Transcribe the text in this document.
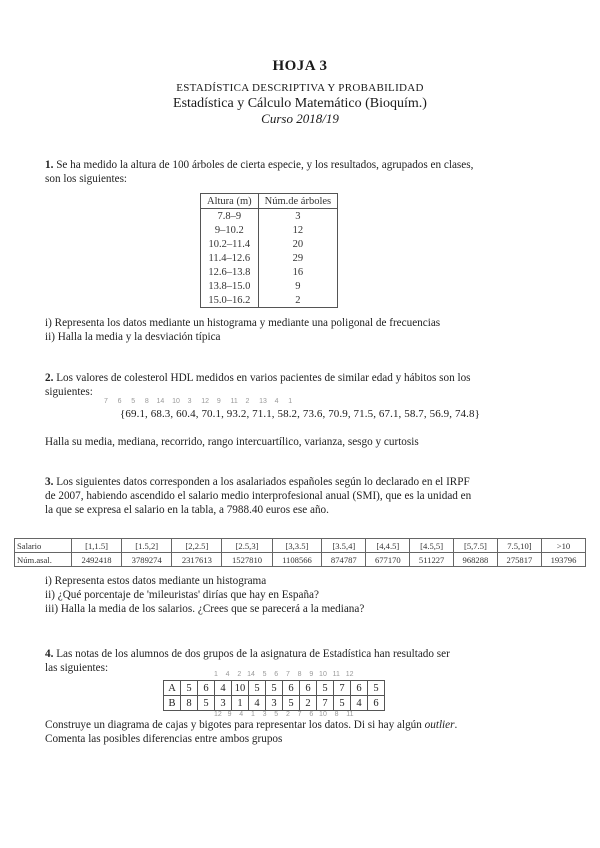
HOJA 3
ESTADÍSTICA DESCRIPTIVA Y PROBABILIDAD
Estadística y Cálculo Matemático (Bioquím.)
Curso 2018/19
1. Se ha medido la altura de 100 árboles de cierta especie, y los resultados, agrupados en clases,
son los siguientes:
Altura (m)	Núm.de árboles
7.8–9	3
9–10.2	12
10.2–11.4	20
11.4–12.6	29
12.6–13.8	16
13.8–15.0	9
15.0–16.2	2
i) Representa los datos mediante un histograma y mediante una poligonal de frecuencias
ii) Halla la media y la desviación típica
2. Los valores de colesterol HDL medidos en varios pacientes de similar edad y hábitos son los
siguientes:
7     6     5     8    14    10    3     12    9     11    2     13    4     1
{69.1, 68.3, 60.4, 70.1, 93.2, 71.1, 58.2, 73.6, 70.9, 71.5, 67.1, 58.7, 56.9, 74.8}
Halla su media, mediana, recorrido, rango intercuartílico, varianza, sesgo y curtosis
3. Los siguientes datos corresponden a los asalariados españoles según lo declarado en el IRPF
de 2007, habiendo ascendido el salario medio interprofesional anual (SMI), que es la unidad en
la que se expresa el salario en la tabla, a 7988.40 euros ese año.
Salario	[1,1.5]	[1.5,2]	[2,2.5]	[2.5,3]	[3,3.5]	[3.5,4]	[4,4.5]	[4.5,5]	[5,7.5]	7.5,10]	>10
Núm.asal.	2492418	3789274	2317613	1527810	1108566	874787	677170	511227	968288	275817	193796
i) Representa estos datos mediante un histograma
ii) ¿Qué porcentaje de 'mileuristas' dirías que hay en España?
iii) Halla la media de los salarios. ¿Crees que se parecerá a la mediana?
4. Las notas de los alumnos de dos grupos de la asignatura de Estadística han resultado ser
las siguientes:
1    4    2   14    5    6    7    8    9   10   11   12
A	5	6	4	10	5	5	6	6	5	7	6	5
B	8	5	3	1	4	3	5	2	7	5	4	6
12   9    4    1    3    5    2    7    6   10    8    11
Construye un diagrama de cajas y bigotes para representar los datos. Di si hay algún outlier.
Comenta las posibles diferencias entre ambos grupos
